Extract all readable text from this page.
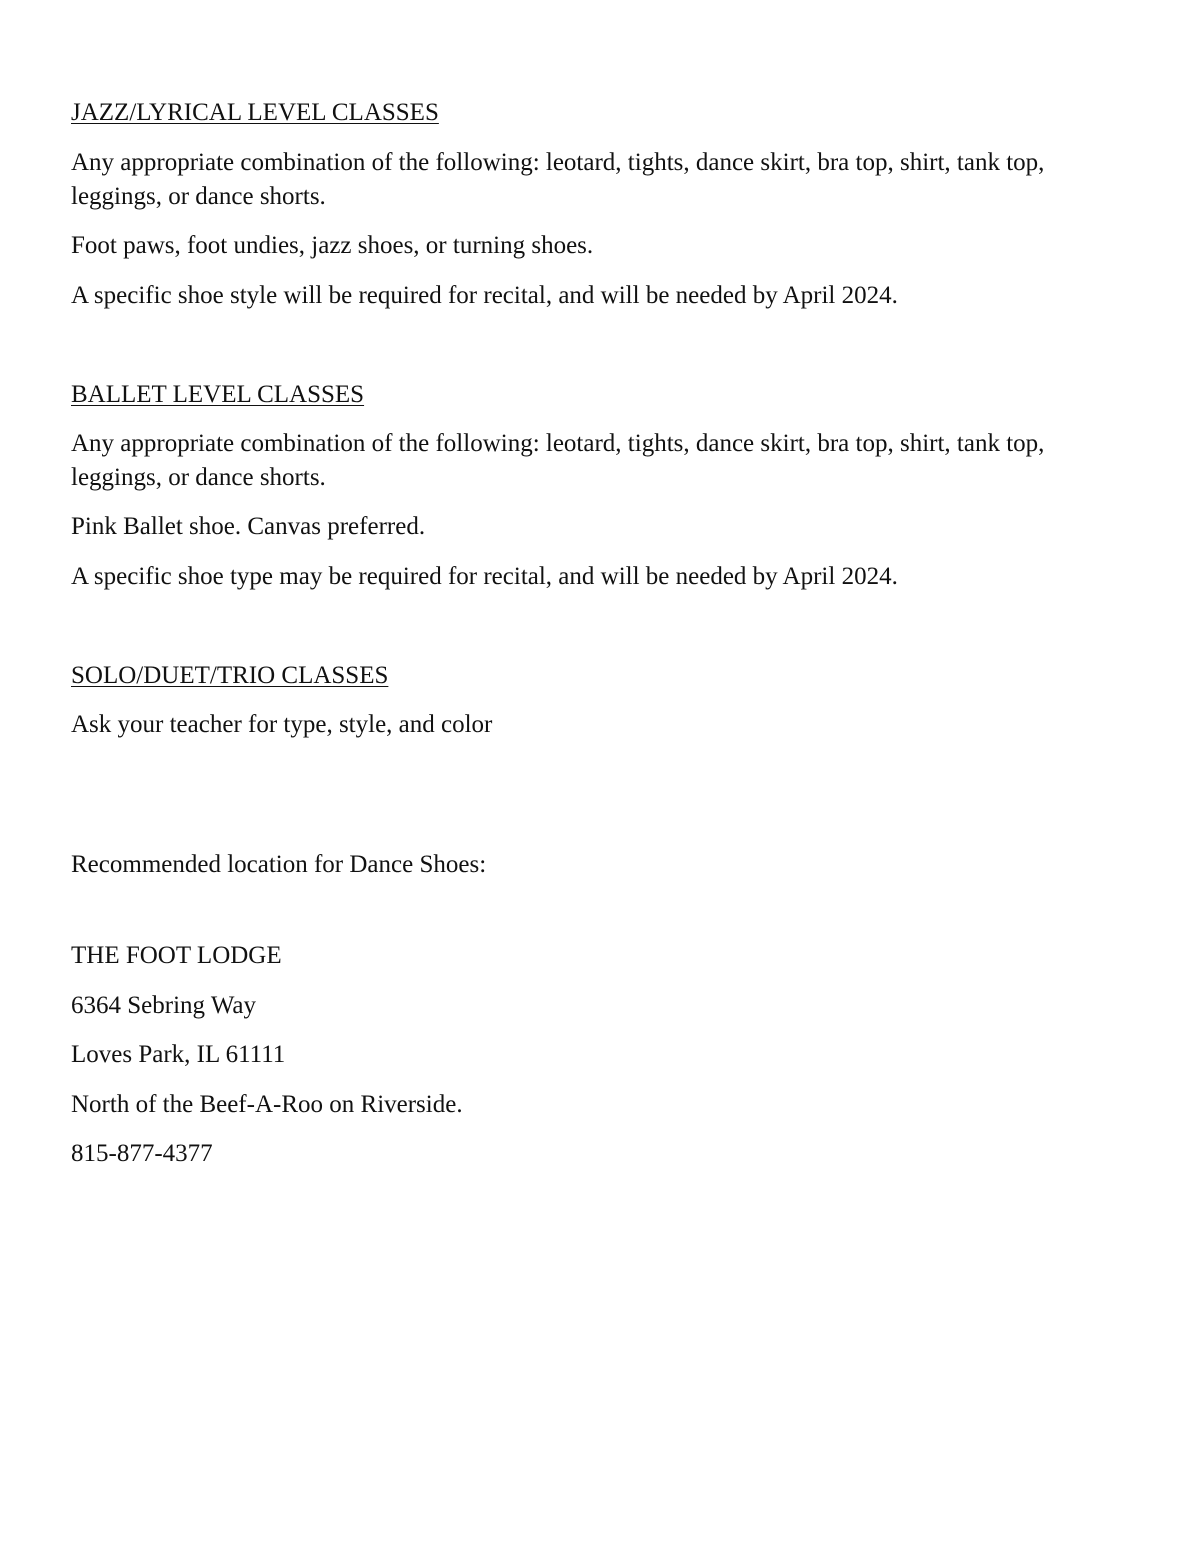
JAZZ/LYRICAL LEVEL CLASSES

Any appropriate combination of the following: leotard, tights, dance skirt, bra top, shirt, tank top,

leggings, or dance shorts.

Foot paws, foot undies, jazz shoes, or turning shoes.

A specific shoe style will be required for recital, and will be needed by April 2024.

BALLET LEVEL CLASSES

Any appropriate combination of the following: leotard, tights, dance skirt, bra top, shirt, tank top,

leggings, or dance shorts.

Pink Ballet shoe. Canvas preferred.

A specific shoe type may be required for recital, and will be needed by April 2024.

SOLO/DUET/TRIO CLASSES

Ask your teacher for type, style, and color

Recommended location for Dance Shoes:

THE FOOT LODGE

6364 Sebring Way

Loves Park, IL 61111

North of the Beef-A-Roo on Riverside.

815-877-4377
